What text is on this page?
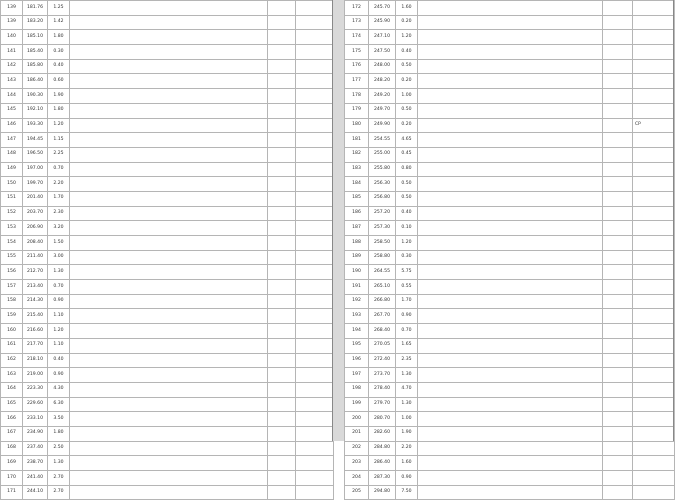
139	181.76	1.25			
139	183.20	1.42			
140	185.10	1.80			
141	185.40	0.30			
142	185.80	0.40			
143	186.40	0.60			
144	190.30	1.90			
145	192.10	1.80			
146	193.30	1.20			
147	194.45	1.15			
148	196.50	2.25			
149	197.00	0.70			
150	199.70	2.20			
151	201.40	1.70			
152	203.70	2.30			
153	206.90	3.20			
154	208.40	1.50			
155	211.40	3.00			
156	212.70	1.30			
157	213.40	0.70			
158	214.30	0.90			
159	215.40	1.10			
160	216.60	1.20			
161	217.70	1.10			
162	218.10	0.40			
163	219.00	0.90			
164	223.30	4.30			
165	229.60	6.30			
166	233.10	3.50			
167	234.90	1.80			
168	237.40	2.50			
169	238.70	1.30			
170	241.40	2.70			
171	244.10	2.70			
172	245.70	1.60			
173	245.90	0.20			
174	247.10	1.20			
175	247.50	0.40			
176	248.00	0.50			
177	248.20	0.20			
178	249.20	1.00			
179	249.70	0.50			
180	249.90	0.20			CP
181	254.55	4.65			
182	255.00	0.45			
183	255.80	0.80			
184	256.30	0.50			
185	256.80	0.50			
186	257.20	0.40			
187	257.30	0.10			
188	258.50	1.20			
189	258.80	0.30			
190	264.55	5.75			
191	265.10	0.55			
192	266.80	1.70			
193	267.70	0.90			
194	268.40	0.70			
195	270.05	1.65			
196	272.40	2.35			
197	273.70	1.30			
198	278.40	4.70			
199	279.70	1.30			
200	280.70	1.00			
201	282.60	1.90			
202	284.80	2.20			
203	286.40	1.60			
204	287.30	0.90			
205	294.80	7.50			
